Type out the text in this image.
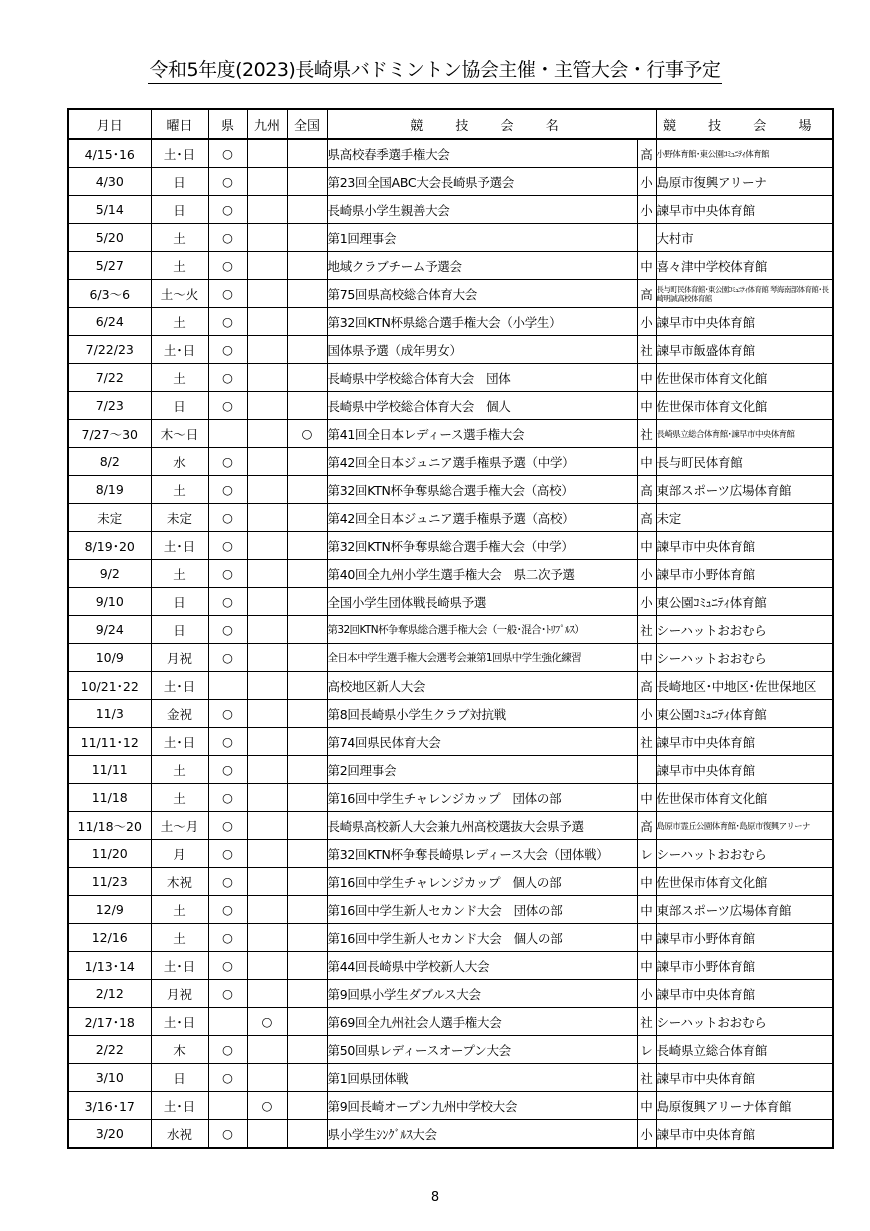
令和5年度(2023)長崎県バドミントン協会主催・主管大会・行事予定
月日	曜日	県	九州	全国	競 技 会 名		競 技 会 場
4/15･16	土･日	○			県高校春季選手権大会	高	小野体育館･東公園ｺﾐｭﾆﾃｨ体育館
4/30	日	○			第23回全国ABC大会長崎県予選会	小	島原市復興アリーナ
5/14	日	○			長崎県小学生親善大会	小	諫早市中央体育館
5/20	土	○			第1回理事会		大村市
5/27	土	○			地域クラブチーム予選会	中	喜々津中学校体育館
6/3～6	土～火	○			第75回県高校総合体育大会	高	長与町民体育館･東公園ｺﾐｭﾆﾃｨ体育館 琴海南部体育館･長崎明誠高校体育館
6/24	土	○			第32回KTN杯県総合選手権大会（小学生）	小	諫早市中央体育館
7/22/23	土･日	○			国体県予選（成年男女）	社	諫早市飯盛体育館
7/22	土	○			長崎県中学校総合体育大会　団体	中	佐世保市体育文化館
7/23	日	○			長崎県中学校総合体育大会　個人	中	佐世保市体育文化館
7/27～30	木～日			○	第41回全日本レディース選手権大会	社	長崎県立総合体育館･諫早市中央体育館
8/2	水	○			第42回全日本ジュニア選手権県予選（中学）	中	長与町民体育館
8/19	土	○			第32回KTN杯争奪県総合選手権大会（高校）	高	東部スポーツ広場体育館
未定	未定	○			第42回全日本ジュニア選手権県予選（高校）	高	未定
8/19･20	土･日	○			第32回KTN杯争奪県総合選手権大会（中学）	中	諫早市中央体育館
9/2	土	○			第40回全九州小学生選手権大会　県二次予選	小	諫早市小野体育館
9/10	日	○			全国小学生団体戦長崎県予選	小	東公園ｺﾐｭﾆﾃｨ体育館
9/24	日	○			第32回KTN杯争奪県総合選手権大会（一般･混合･ﾄﾘﾌﾟﾙｽ）	社	シーハットおおむら
10/9	月祝	○			全日本中学生選手権大会選考会兼第1回県中学生強化練習	中	シーハットおおむら
10/21･22	土･日				高校地区新人大会	高	長崎地区･中地区･佐世保地区
11/3	金祝	○			第8回長崎県小学生クラブ対抗戦	小	東公園ｺﾐｭﾆﾃｨ体育館
11/11･12	土･日	○			第74回県民体育大会	社	諫早市中央体育館
11/11	土	○			第2回理事会		諫早市中央体育館
11/18	土	○			第16回中学生チャレンジカップ　団体の部	中	佐世保市体育文化館
11/18～20	土～月	○			長崎県高校新人大会兼九州高校選抜大会県予選	高	島原市霊丘公園体育館･島原市復興アリーナ
11/20	月	○			第32回KTN杯争奪長崎県レディース大会（団体戦）	レ	シーハットおおむら
11/23	木祝	○			第16回中学生チャレンジカップ　個人の部	中	佐世保市体育文化館
12/9	土	○			第16回中学生新人セカンド大会　団体の部	中	東部スポーツ広場体育館
12/16	土	○			第16回中学生新人セカンド大会　個人の部	中	諫早市小野体育館
1/13･14	土･日	○			第44回長崎県中学校新人大会	中	諫早市小野体育館
2/12	月祝	○			第9回県小学生ダブルス大会	小	諫早市中央体育館
2/17･18	土･日		○		第69回全九州社会人選手権大会	社	シーハットおおむら
2/22	木	○			第50回県レディースオープン大会	レ	長崎県立総合体育館
3/10	日	○			第1回県団体戦	社	諫早市中央体育館
3/16･17	土･日		○		第9回長崎オープン九州中学校大会	中	島原復興アリーナ体育館
3/20	水祝	○			県小学生ｼﾝｸﾞﾙｽ大会	小	諫早市中央体育館
8
